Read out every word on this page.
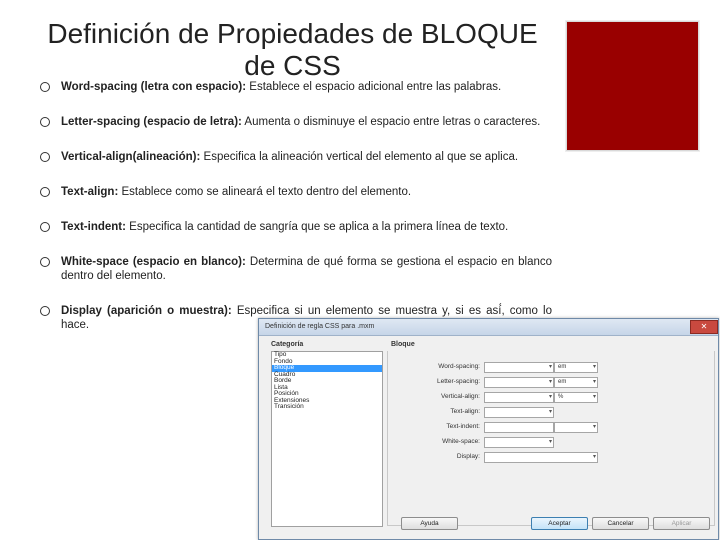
Definición de Propiedades de BLOQUE de CSS
Word-spacing (letra con espacio): Establece el espacio adicional entre las palabras.
Letter-spacing (espacio de letra): Aumenta o disminuye el espacio entre letras o caracteres.
Vertical-align(alineación): Especifica la alineación vertical del elemento al que se aplica.
Text-align: Establece como se alineará el texto dentro del elemento.
Text-indent: Especifica la cantidad de sangría que se aplica a la primera línea de texto.
White-space (espacio en blanco): Determina de qué forma se gestiona el espacio en blanco dentro del elemento.
Display (aparición o muestra): Especifica si un elemento se muestra y, si es así́, como lo hace.	Definición de regla CSS para .mxm	✕
Categoría	Bloque
Tipo
Fondo
Bloque
Cuadro
Borde
Lista
Posición
Extensiones
Transición
Word-spacing:	▾ em	▾
Letter-spacing:	▾ em	▾
Vertical-align:	▾ %	▾
Text-align:	▾
Text-indent:	▾
White-space:	▾
Display:	▾
Ayuda	Aceptar	Cancelar	Aplicar
